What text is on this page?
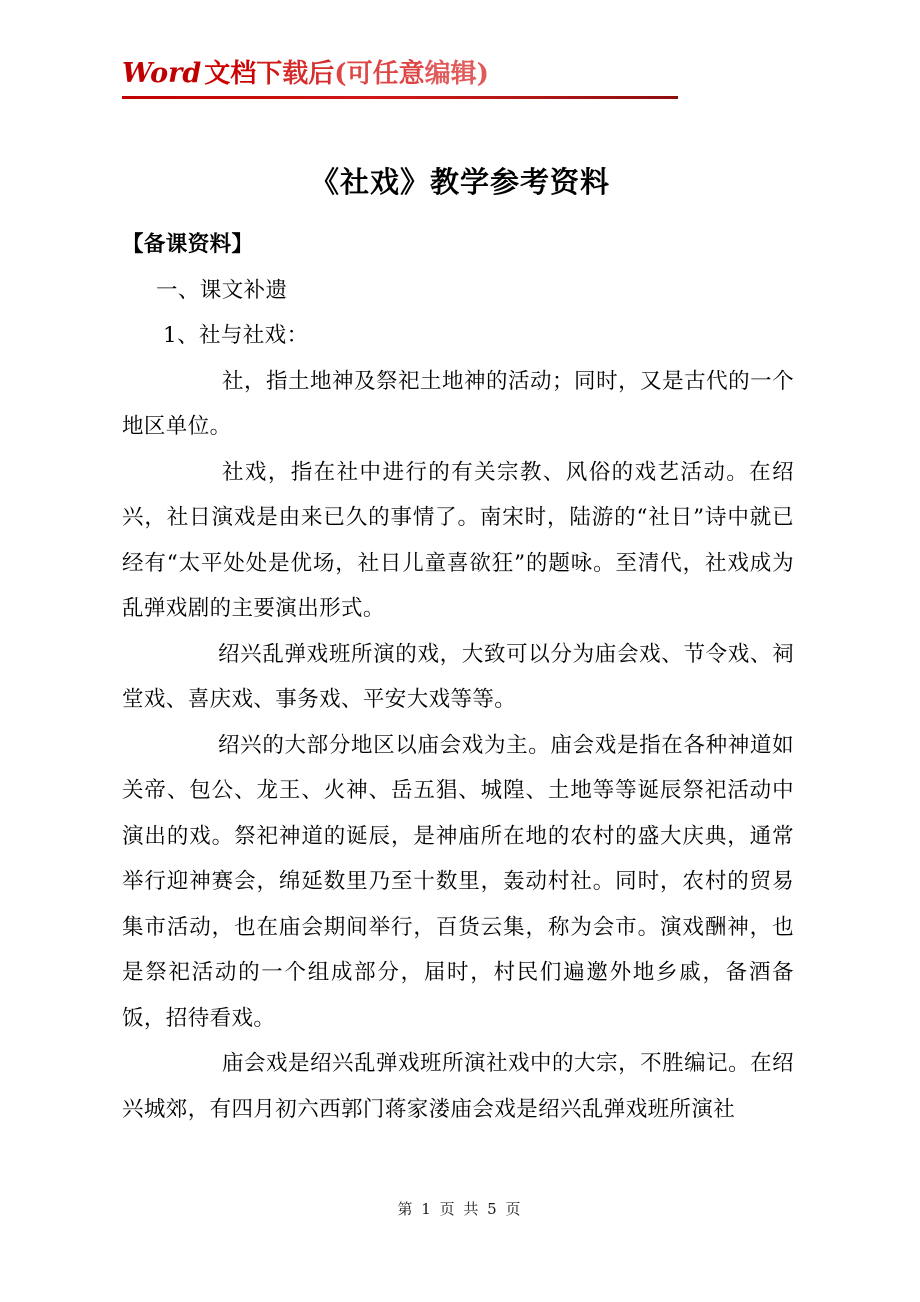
Word 文档下载后(可任意编辑)
《社戏》教学参考资料

【备课资料】

一、课文补遗

1、社与社戏：

社，指土地神及祭祀土地神的活动；同时，又是古代的一个地区单位。

社戏，指在社中进行的有关宗教、风俗的戏艺活动。在绍兴，社日演戏是由来已久的事情了。南宋时，陆游的“社日”诗中就已经有“太平处处是优场，社日儿童喜欲狂”的题咏。至清代，社戏成为乱弹戏剧的主要演出形式。

绍兴乱弹戏班所演的戏，大致可以分为庙会戏、节令戏、祠堂戏、喜庆戏、事务戏、平安大戏等等。

绍兴的大部分地区以庙会戏为主。庙会戏是指在各种神道如关帝、包公、龙王、火神、岳五猖、城隍、土地等等诞辰祭祀活动中演出的戏。祭祀神道的诞辰，是神庙所在地的农村的盛大庆典，通常举行迎神赛会，绵延数里乃至十数里，轰动村社。同时，农村的贸易集市活动，也在庙会期间举行，百货云集，称为会市。演戏酬神，也是祭祀活动的一个组成部分，届时，村民们遍邀外地乡戚，备酒备饭，招待看戏。

庙会戏是绍兴乱弹戏班所演社戏中的大宗，不胜编记。在绍兴城郊，有四月初六西郭门蒋家溇庙会戏是绍兴乱弹戏班所演社

第 1 页 共 5 页
